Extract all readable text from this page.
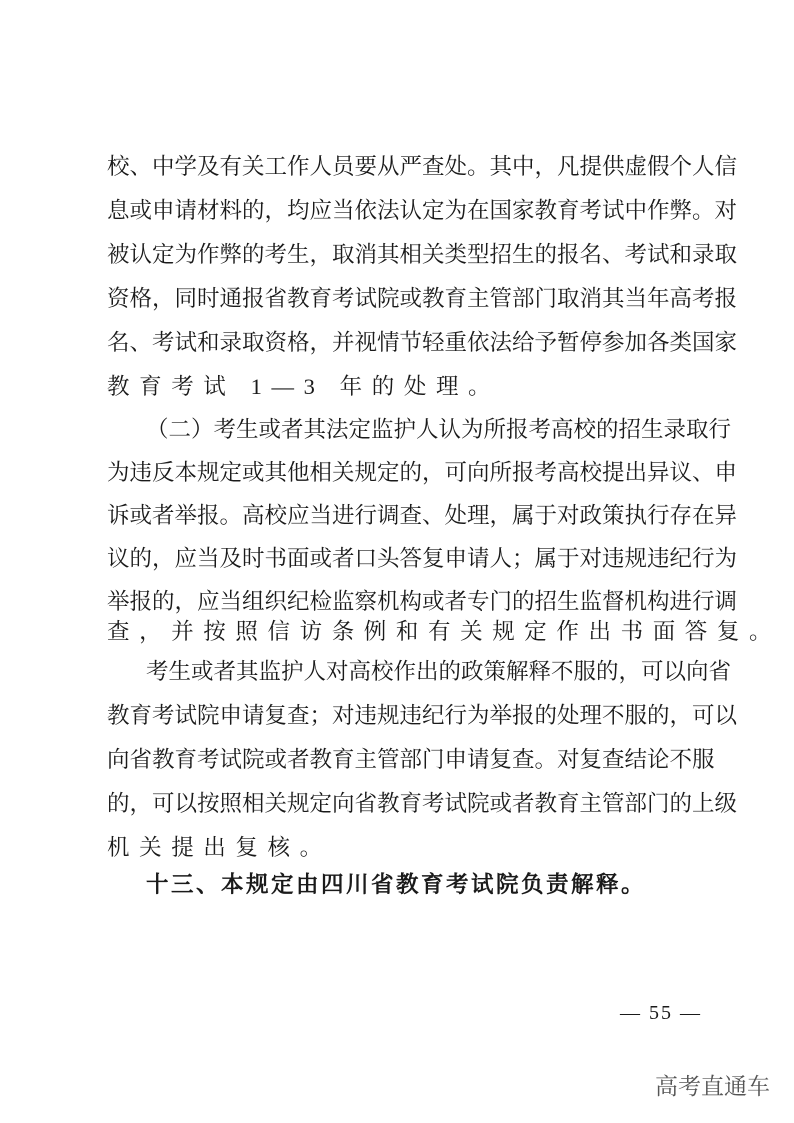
校、中学及有关工作人员要从严查处。其中，凡提供虚假个人信
息或申请材料的，均应当依法认定为在国家教育考试中作弊。对
被认定为作弊的考生，取消其相关类型招生的报名、考试和录取
资格，同时通报省教育考试院或教育主管部门取消其当年高考报
名、考试和录取资格，并视情节轻重依法给予暂停参加各类国家
教育考试 1—3 年的处理。
（二）考生或者其法定监护人认为所报考高校的招生录取行
为违反本规定或其他相关规定的，可向所报考高校提出异议、申
诉或者举报。高校应当进行调查、处理，属于对政策执行存在异
议的，应当及时书面或者口头答复申请人；属于对违规违纪行为
举报的，应当组织纪检监察机构或者专门的招生监督机构进行调
查，并按照信访条例和有关规定作出书面答复。
考生或者其监护人对高校作出的政策解释不服的，可以向省
教育考试院申请复查；对违规违纪行为举报的处理不服的，可以
向省教育考试院或者教育主管部门申请复查。对复查结论不服
的，可以按照相关规定向省教育考试院或者教育主管部门的上级
机关提出复核。
十三、本规定由四川省教育考试院负责解释。
— 55 —
高考直通车
